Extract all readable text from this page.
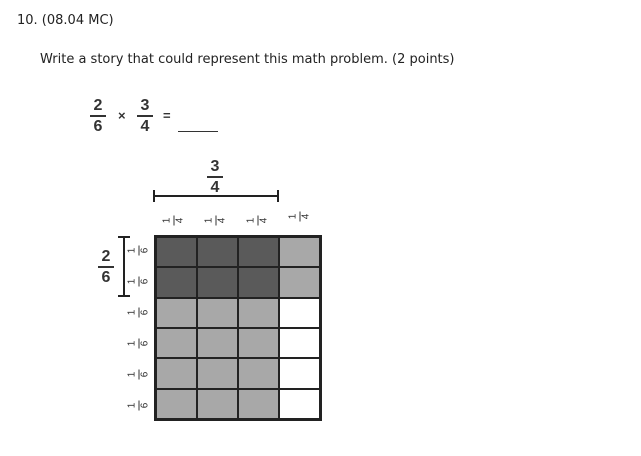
10. (08.04 MC)
Write a story that could represent this math problem. (2 points)
2
6
×
3
4
=
3
4
2
6
1 4 1 4 1 4
1 4
1 6
1 6
1 6
1 6
1 6
1 6
